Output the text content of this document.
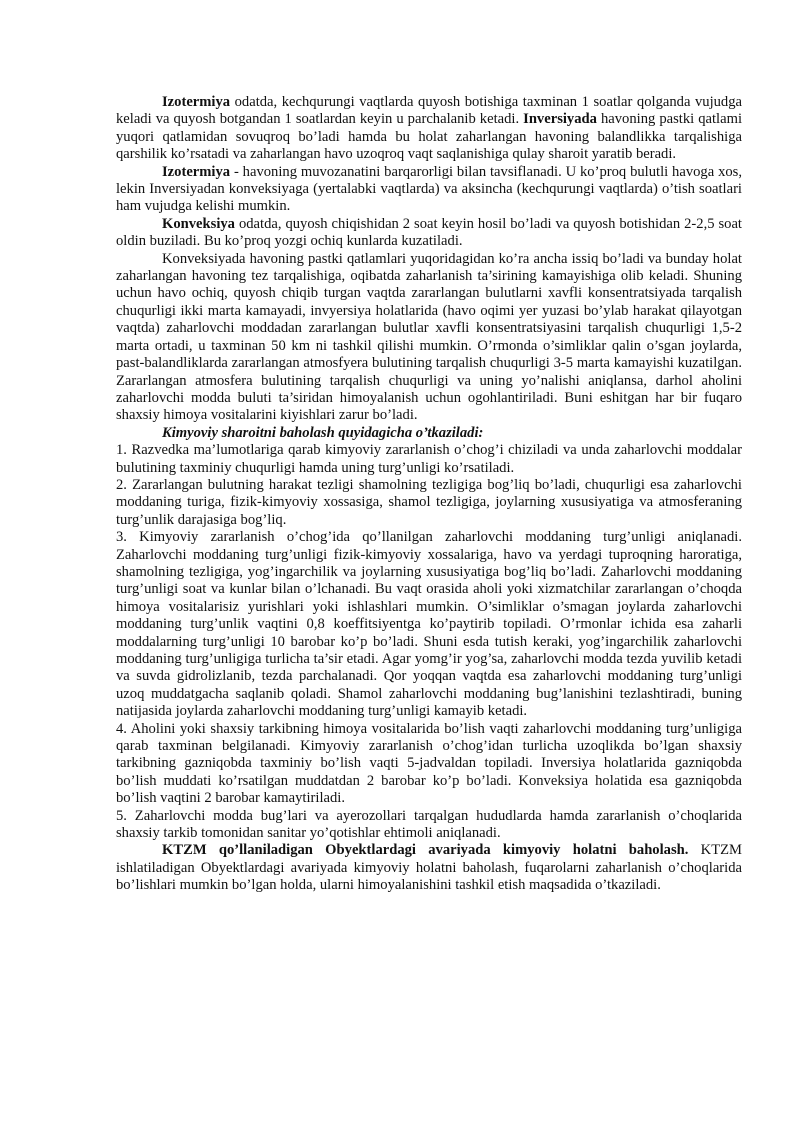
Izotermiya odatda, kechqurungi vaqtlarda quyosh botishiga taxminan 1 soatlar qolganda vujudga keladi va quyosh botgandan 1 soatlardan keyin u parchalanib ketadi. Inversiyada havoning pastki qatlami yuqori qatlamidan sovuqroq bo’ladi hamda bu holat zaharlangan havoning balandlikka tarqalishiga qarshilik ko’rsatadi va zaharlangan havo uzoqroq vaqt saqlanishiga qulay sharoit yaratib beradi.

Izotermiya - havoning muvozanatini barqarorligi bilan tavsiflanadi. U ko’proq bulutli havoga xos, lekin Inversiyadan konveksiyaga (yertalabki vaqtlarda) va aksincha (kechqurungi vaqtlarda) o’tish soatlari ham vujudga kelishi mumkin.

Konveksiya odatda, quyosh chiqishidan 2 soat keyin hosil bo’ladi va quyosh botishidan 2-2,5 soat oldin buziladi. Bu ko’proq yozgi ochiq kunlarda kuzatiladi.

Konveksiyada havoning pastki qatlamlari yuqoridagidan ko’ra ancha issiq bo’ladi va bunday holat zaharlangan havoning tez tarqalishiga, oqibatda zaharlanish ta’sirining kamayishiga olib keladi. Shuning uchun havo ochiq, quyosh chiqib turgan vaqtda zararlangan bulutlarni xavfli konsentratsiyada tarqalish chuqurligi ikki marta kamayadi, invyersiya holatlarida (havo oqimi yer yuzasi bo’ylab harakat qilayotgan vaqtda) zaharlovchi moddadan zararlangan bulutlar xavfli konsentratsiyasini tarqalish chuqurligi 1,5-2 marta ortadi, u taxminan 50 km ni tashkil qilishi mumkin. O’rmonda o’simliklar qalin o’sgan joylarda, past-balandliklarda zararlangan atmosfyera bulutining tarqalish chuqurligi 3-5 marta kamayishi kuzatilgan. Zararlangan atmosfera bulutining tarqalish chuqurligi va uning yo’nalishi aniqlansa, darhol aholini zaharlovchi modda buluti ta’siridan himoyalanish uchun ogohlantiriladi. Buni eshitgan har bir fuqaro shaxsiy himoya vositalarini kiyishlari zarur bo’ladi.

Kimyoviy sharoitni baholash quyidagicha o’tkaziladi:

1. Razvedka ma’lumotlariga qarab kimyoviy zararlanish o’chog’i chiziladi va unda zaharlovchi moddalar bulutining taxminiy chuqurligi hamda uning turg’unligi ko’rsatiladi.

2. Zararlangan bulutning harakat tezligi shamolning tezligiga bog’liq bo’ladi, chuqurligi esa zaharlovchi moddaning turiga, fizik-kimyoviy xossasiga, shamol tezligiga, joylarning xususiyatiga va atmosferaning turg’unlik darajasiga bog’liq.

3. Kimyoviy zararlanish o’chog’ida qo’llanilgan zaharlovchi moddaning turg’unligi aniqlanadi. Zaharlovchi moddaning turg’unligi fizik-kimyoviy xossalariga, havo va yerdagi tuproqning haroratiga, shamolning tezligiga, yog’ingarchilik va joylarning xususiyatiga bog’liq bo’ladi. Zaharlovchi moddaning turg’unligi soat va kunlar bilan o’lchanadi. Bu vaqt orasida aholi yoki xizmatchilar zararlangan o’choqda himoya vositalarisiz yurishlari yoki ishlashlari mumkin. O’simliklar o’smagan joylarda zaharlovchi moddaning turg’unlik vaqtini 0,8 koeffitsiyentga ko’paytirib topiladi. O’rmonlar ichida esa zaharli moddalarning turg’unligi 10 barobar ko’p bo’ladi. Shuni esda tutish keraki, yog’ingarchilik zaharlovchi moddaning turg’unligiga turlicha ta’sir etadi. Agar yomg’ir yog’sa, zaharlovchi modda tezda yuvilib ketadi va suvda gidrolizlanib, tezda parchalanadi. Qor yoqqan vaqtda esa zaharlovchi moddaning turg’unligi uzoq muddatgacha saqlanib qoladi. Shamol zaharlovchi moddaning bug’lanishini tezlashtiradi, buning natijasida joylarda zaharlovchi moddaning turg’unligi kamayib ketadi.

4. Aholini yoki shaxsiy tarkibning himoya vositalarida bo’lish vaqti zaharlovchi moddaning turg’unligiga qarab taxminan belgilanadi. Kimyoviy zararlanish o’chog’idan turlicha uzoqlikda bo’lgan shaxsiy tarkibning gazniqobda taxminiy bo’lish vaqti 5-jadvaldan topiladi. Inversiya holatlarida gazniqobda bo’lish muddati ko’rsatilgan muddatdan 2 barobar ko’p bo’ladi. Konveksiya holatida esa gazniqobda bo’lish vaqtini 2 barobar kamaytiriladi.

5. Zaharlovchi modda bug’lari va ayerozollari tarqalgan hududlarda hamda zararlanish o’choqlarida shaxsiy tarkib tomonidan sanitar yo’qotishlar ehtimoli aniqlanadi.

KTZM qo’llaniladigan Obyektlardagi avariyada kimyoviy holatni baholash. KTZM ishlatiladigan Obyektlardagi avariyada kimyoviy holatni baholash, fuqarolarni zaharlanish o’choqlarida bo’lishlari mumkin bo’lgan holda, ularni himoyalanishini tashkil etish maqsadida o’tkaziladi.
